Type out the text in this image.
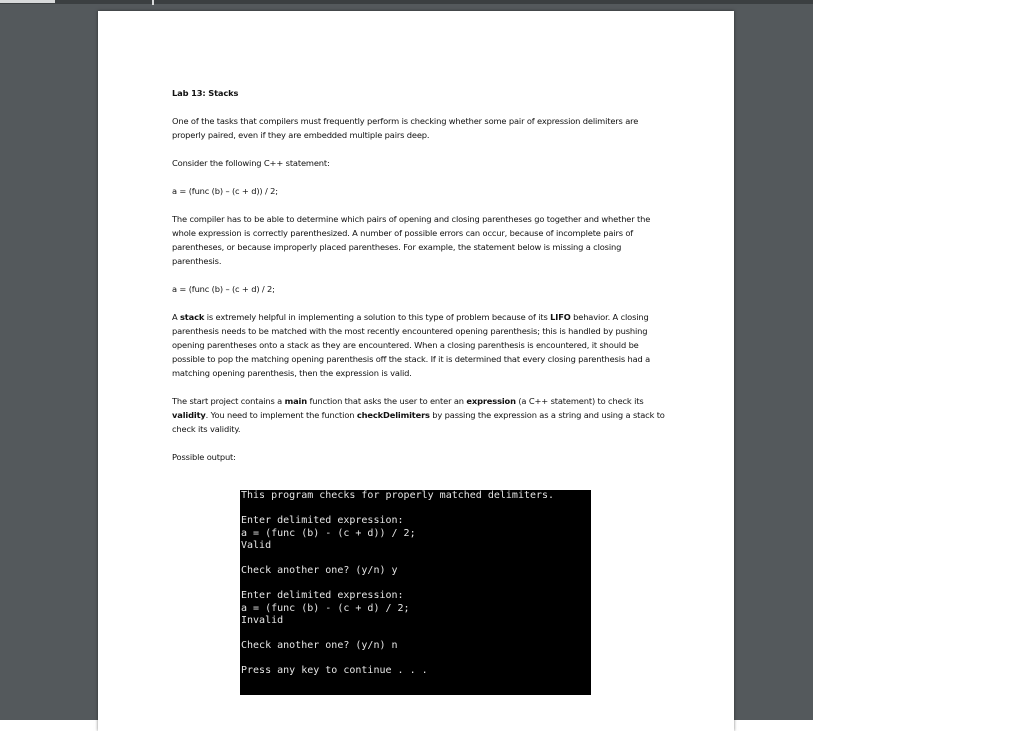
Lab 13: Stacks

One of the tasks that compilers must frequently perform is checking whether some pair of expression delimiters are properly paired, even if they are embedded multiple pairs deep.

Consider the following C++ statement:

a = (func (b) – (c + d)) / 2;

The compiler has to be able to determine which pairs of opening and closing parentheses go together and whether the whole expression is correctly parenthesized. A number of possible errors can occur, because of incomplete pairs of parentheses, or because improperly placed parentheses. For example, the statement below is missing a closing parenthesis.

a = (func (b) – (c + d) / 2;

A stack is extremely helpful in implementing a solution to this type of problem because of its LIFO behavior. A closing parenthesis needs to be matched with the most recently encountered opening parenthesis; this is handled by pushing opening parentheses onto a stack as they are encountered. When a closing parenthesis is encountered, it should be possible to pop the matching opening parenthesis off the stack. If it is determined that every closing parenthesis had a matching opening parenthesis, then the expression is valid.

The start project contains a main function that asks the user to enter an expression (a C++ statement) to check its validity. You need to implement the function checkDelimiters by passing the expression as a string and using a stack to check its validity.

Possible output:

This program checks for properly matched delimiters.
Enter delimited expression:
a = (func (b) - (c + d)) / 2;
Valid
Check another one? (y/n) y
Enter delimited expression:
a = (func (b) - (c + d) / 2;
Invalid
Check another one? (y/n) n
Press any key to continue . . .
